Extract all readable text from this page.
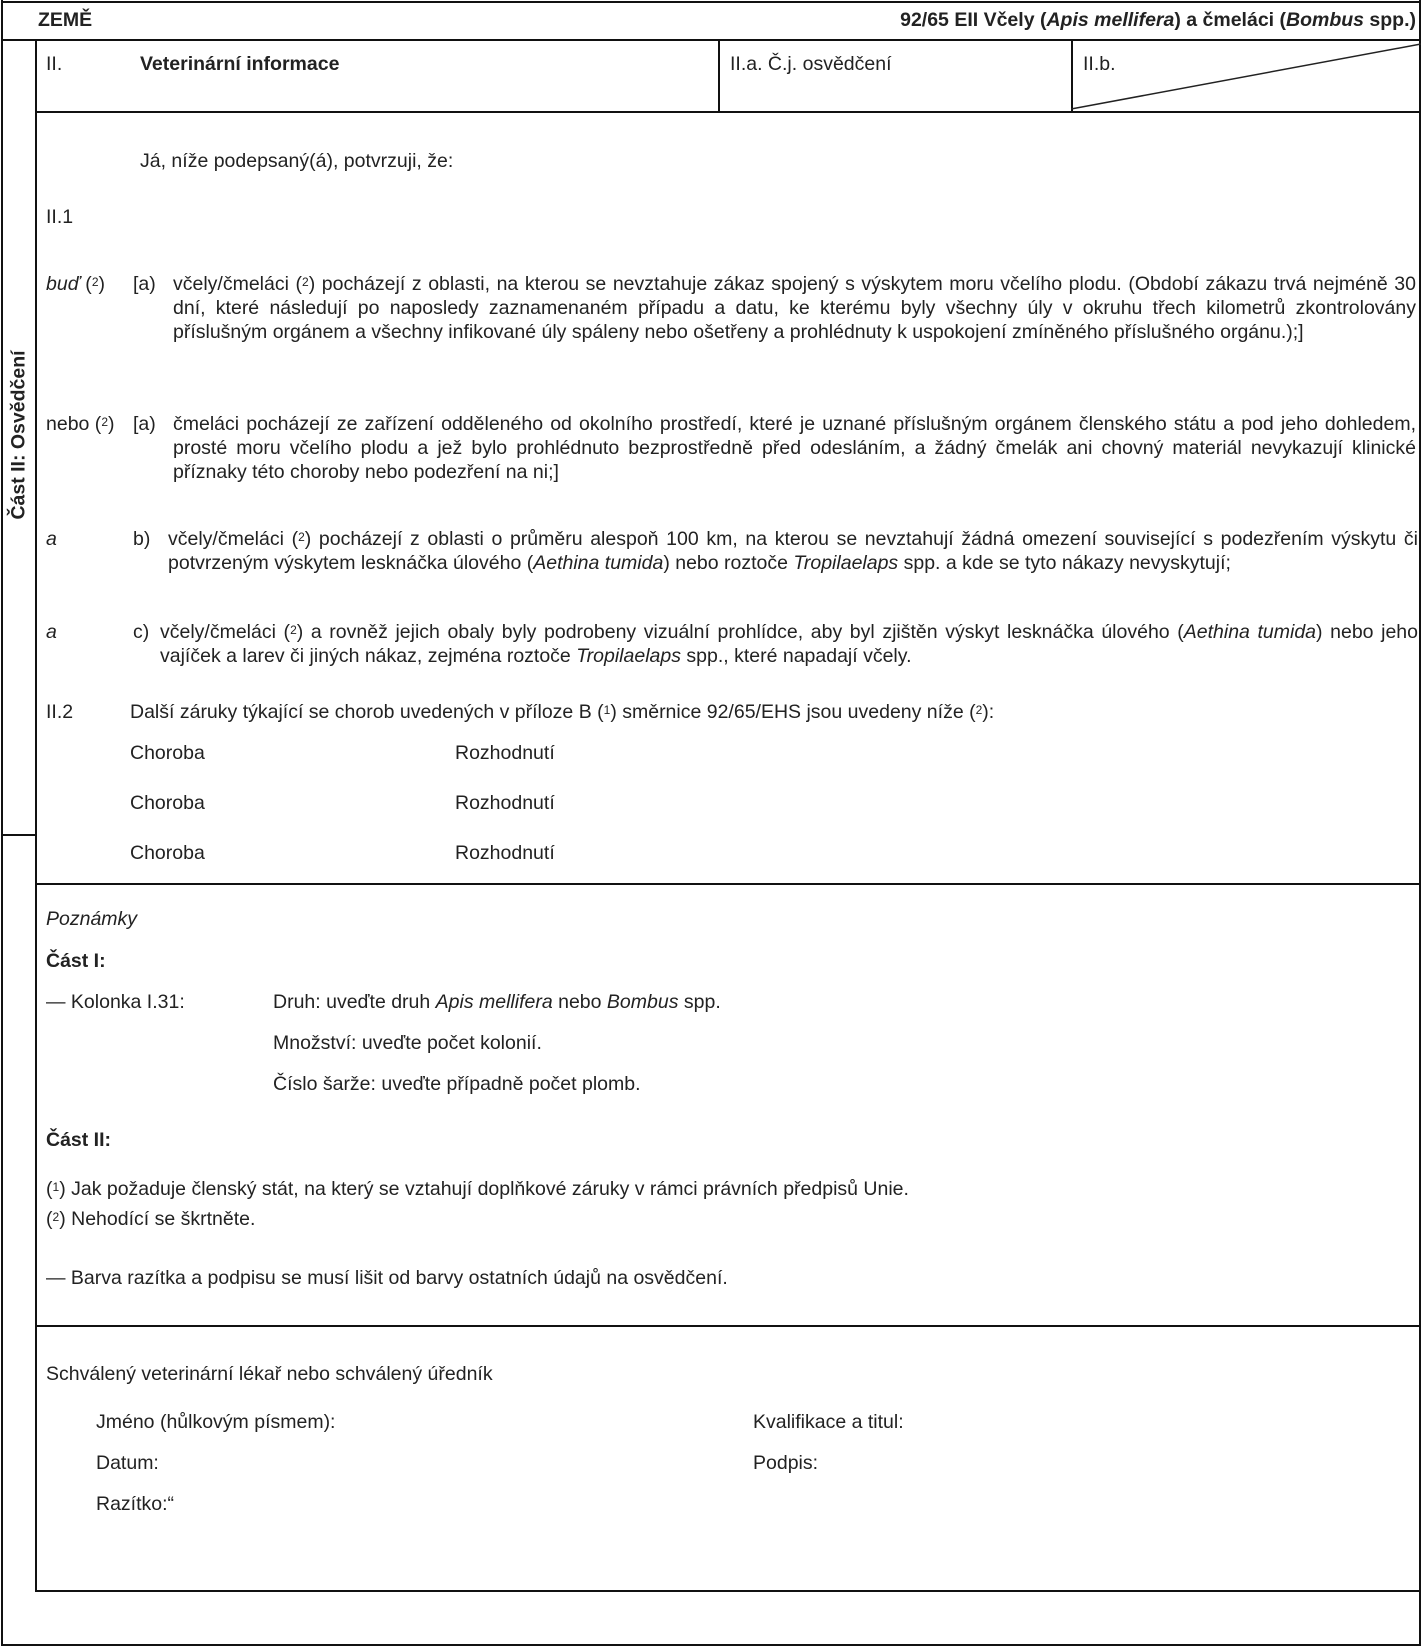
ZEMĚ	92/65 EII Včely (Apis mellifera) a čmeláci (Bombus spp.)
Část II: Osvědčení
II.	Veterinární informace	II.a. Č.j. osvědčení	II.b.
Já, níže podepsaný(á), potvrzuji, že:
II.1
buď ($^2$) [a) včely/čmeláci ($^2$) pocházejí z oblasti, na kterou se nevztahuje zákaz spojený s výskytem moru včelího plodu. (Období zákazu trvá nejméně 30 dní, které následují po naposledy zaznamenaném případu a datu, ke kterému byly všechny úly v okruhu třech kilometrů zkontrolovány příslušným orgánem a všechny infikované úly spáleny nebo ošetřeny a prohlédnuty k uspokojení zmíněného příslušného orgánu.);]
nebo ($^2$) [a) čmeláci pocházejí ze zařízení odděleného od okolního prostředí, které je uznané příslušným orgánem členského státu a pod jeho dohledem, prosté moru včelího plodu a jež bylo prohlédnuto bezprostředně před odesláním, a žádný čmelák ani chovný materiál nevykazují klinické příznaky této choroby nebo podezření na ni;]
a	b) včely/čmeláci ($^2$) pocházejí z oblasti o průměru alespoň 100 km, na kterou se nevztahují žádná omezení související s podezřením výskytu či potvrzeným výskytem lesknáčka úlového (Aethina tumida) nebo roztoče Tropilaelaps spp. a kde se tyto nákazy nevyskytují;
a	c) včely/čmeláci ($^2$) a rovněž jejich obaly byly podrobeny vizuální prohlídce, aby byl zjištěn výskyt lesknáčka úlového (Aethina tumida) nebo jeho vajíček a larev či jiných nákaz, zejména roztoče Tropilaelaps spp., které napadají včely.
II.2	Další záruky týkající se chorob uvedených v příloze B ($^1$) směrnice 92/65/EHS jsou uvedeny níže ($^2$):
Choroba	Rozhodnutí
Choroba	Rozhodnutí
Choroba	Rozhodnutí
Poznámky
Část I:
— Kolonka I.31:	Druh: uveďte druh Apis mellifera nebo Bombus spp.
Množství: uveďte počet kolonií.
Číslo šarže: uveďte případně počet plomb.
Část II:
($^1$) Jak požaduje členský stát, na který se vztahují doplňkové záruky v rámci právních předpisů Unie.
($^2$) Nehodící se škrtněte.
— Barva razítka a podpisu se musí lišit od barvy ostatních údajů na osvědčení.
Schválený veterinární lékař nebo schválený úředník
Jméno (hůlkovým písmem):	Kvalifikace a titul:
Datum:	Podpis:
Razítko:“
